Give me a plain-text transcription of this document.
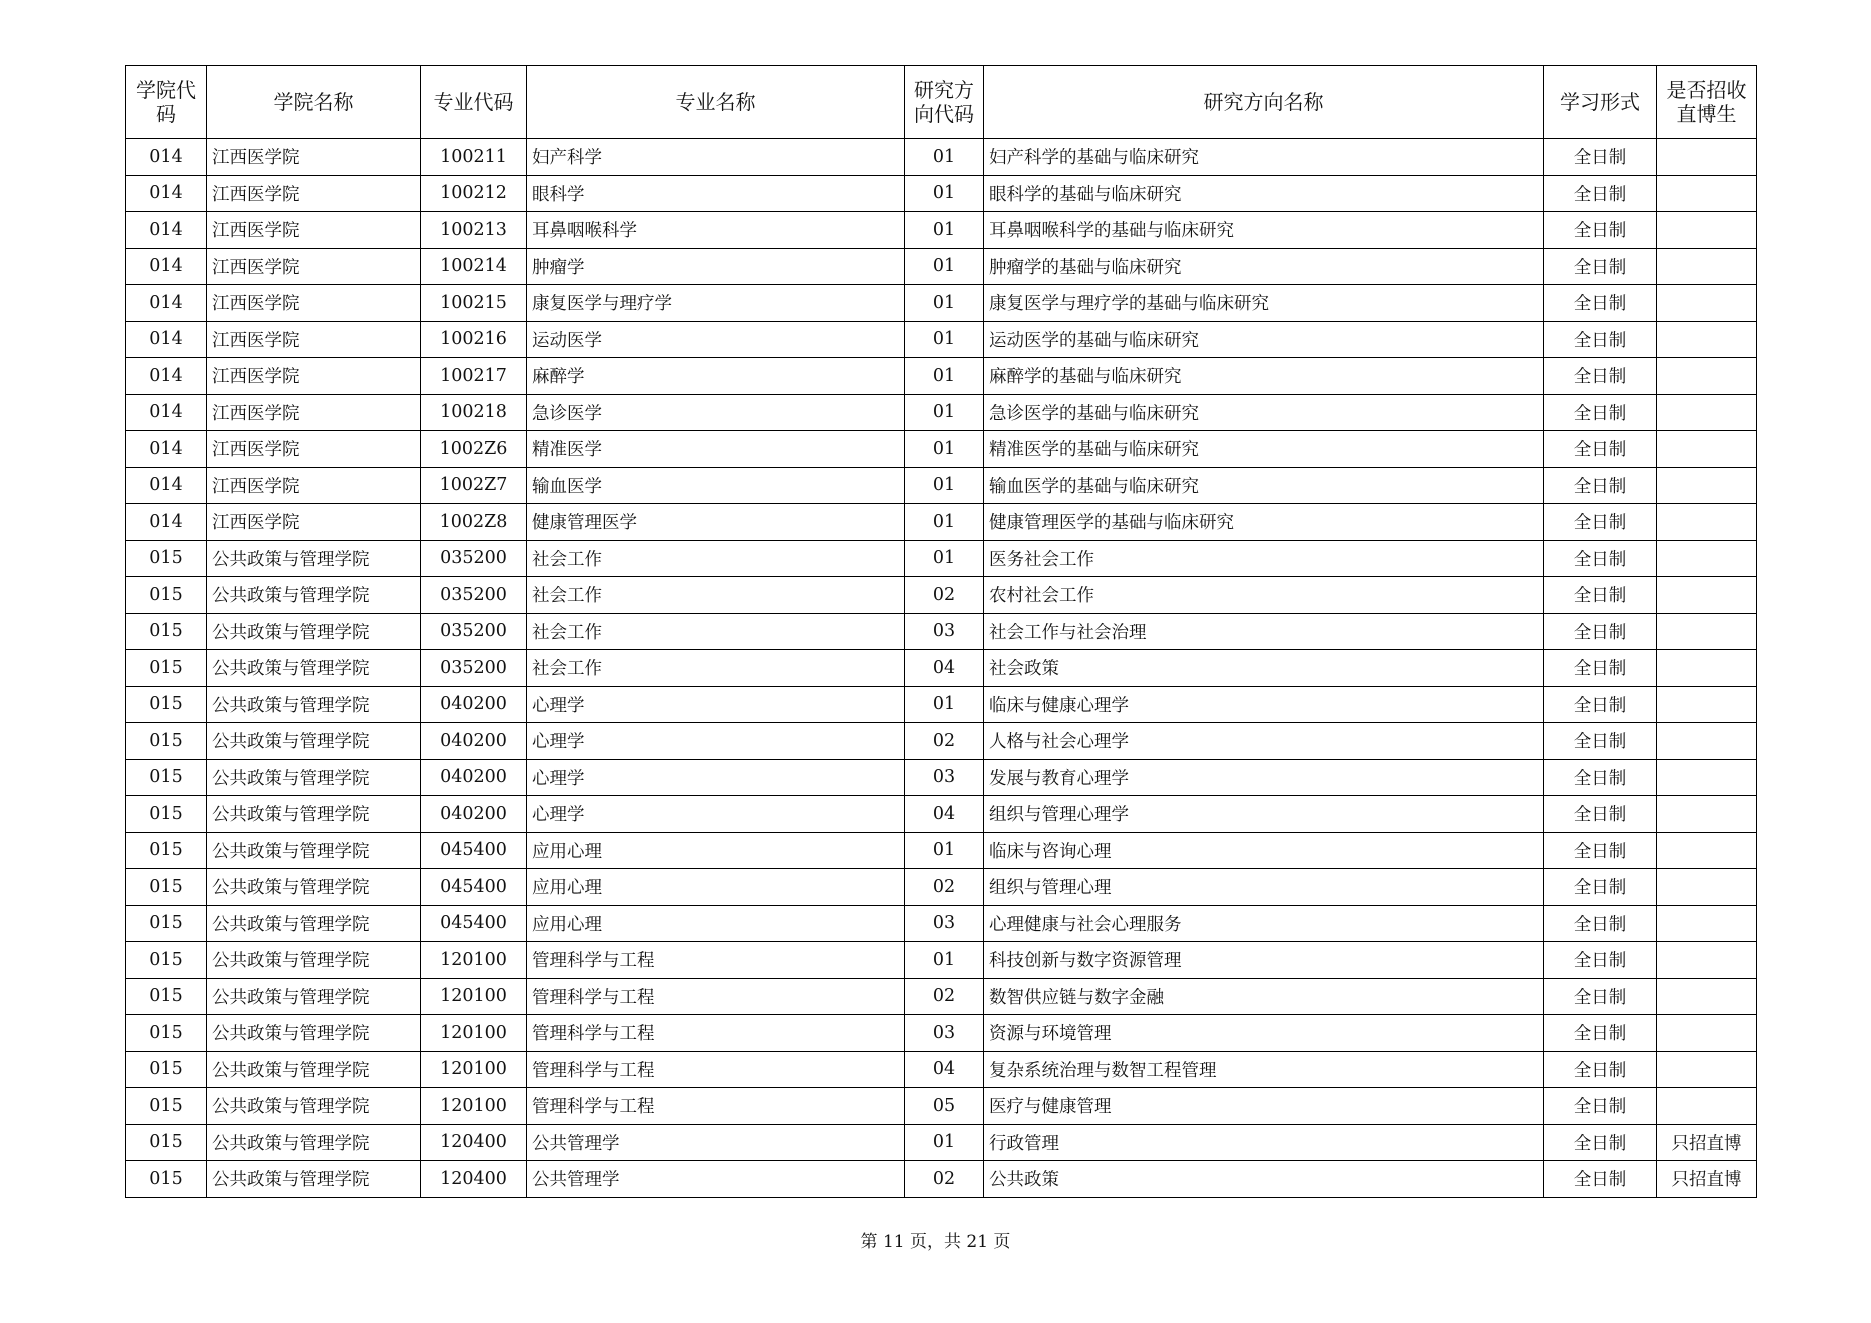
学院代码	学院名称	专业代码	专业名称	研究方向代码	研究方向名称	学习形式	是否招收直博生
014	江西医学院	100211	妇产科学	01	妇产科学的基础与临床研究	全日制	
014	江西医学院	100212	眼科学	01	眼科学的基础与临床研究	全日制	
014	江西医学院	100213	耳鼻咽喉科学	01	耳鼻咽喉科学的基础与临床研究	全日制	
014	江西医学院	100214	肿瘤学	01	肿瘤学的基础与临床研究	全日制	
014	江西医学院	100215	康复医学与理疗学	01	康复医学与理疗学的基础与临床研究	全日制	
014	江西医学院	100216	运动医学	01	运动医学的基础与临床研究	全日制	
014	江西医学院	100217	麻醉学	01	麻醉学的基础与临床研究	全日制	
014	江西医学院	100218	急诊医学	01	急诊医学的基础与临床研究	全日制	
014	江西医学院	1002Z6	精准医学	01	精准医学的基础与临床研究	全日制	
014	江西医学院	1002Z7	输血医学	01	输血医学的基础与临床研究	全日制	
014	江西医学院	1002Z8	健康管理医学	01	健康管理医学的基础与临床研究	全日制	
015	公共政策与管理学院	035200	社会工作	01	医务社会工作	全日制	
015	公共政策与管理学院	035200	社会工作	02	农村社会工作	全日制	
015	公共政策与管理学院	035200	社会工作	03	社会工作与社会治理	全日制	
015	公共政策与管理学院	035200	社会工作	04	社会政策	全日制	
015	公共政策与管理学院	040200	心理学	01	临床与健康心理学	全日制	
015	公共政策与管理学院	040200	心理学	02	人格与社会心理学	全日制	
015	公共政策与管理学院	040200	心理学	03	发展与教育心理学	全日制	
015	公共政策与管理学院	040200	心理学	04	组织与管理心理学	全日制	
015	公共政策与管理学院	045400	应用心理	01	临床与咨询心理	全日制	
015	公共政策与管理学院	045400	应用心理	02	组织与管理心理	全日制	
015	公共政策与管理学院	045400	应用心理	03	心理健康与社会心理服务	全日制	
015	公共政策与管理学院	120100	管理科学与工程	01	科技创新与数字资源管理	全日制	
015	公共政策与管理学院	120100	管理科学与工程	02	数智供应链与数字金融	全日制	
015	公共政策与管理学院	120100	管理科学与工程	03	资源与环境管理	全日制	
015	公共政策与管理学院	120100	管理科学与工程	04	复杂系统治理与数智工程管理	全日制	
015	公共政策与管理学院	120100	管理科学与工程	05	医疗与健康管理	全日制	
015	公共政策与管理学院	120400	公共管理学	01	行政管理	全日制	只招直博
015	公共政策与管理学院	120400	公共管理学	02	公共政策	全日制	只招直博
第 11 页，共 21 页
